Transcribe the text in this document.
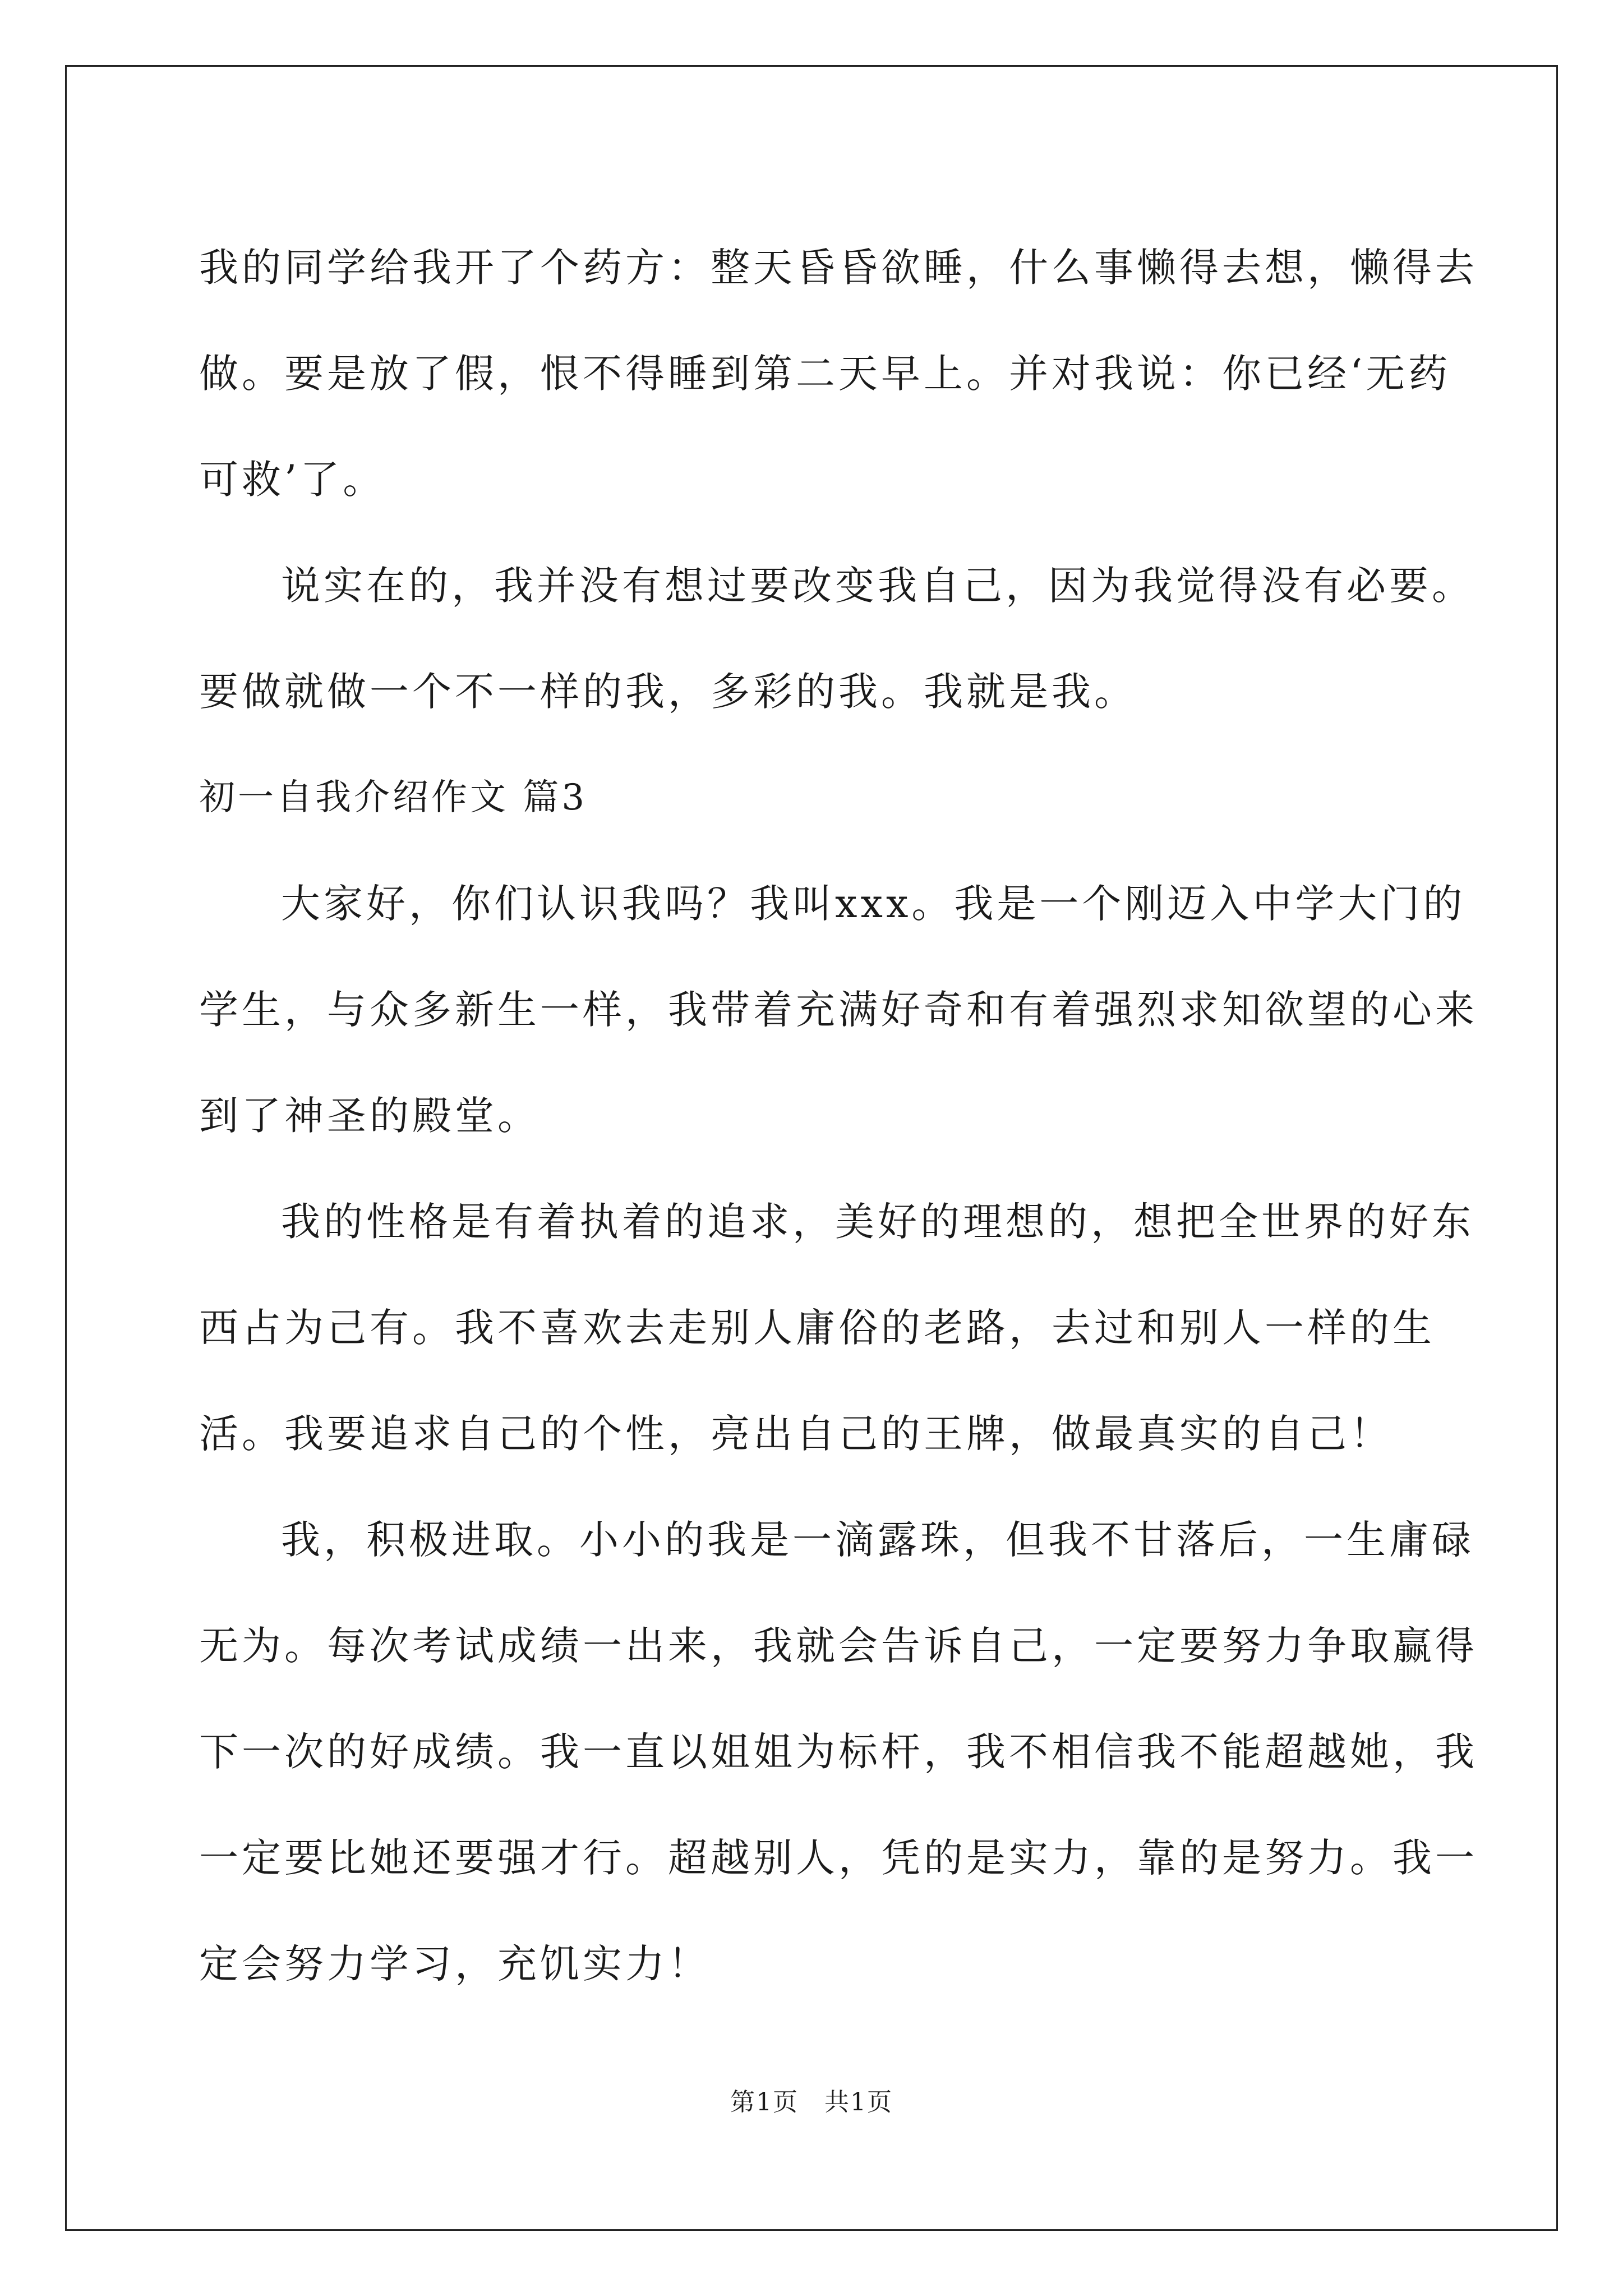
我的同学给我开了个药方：整天昏昏欲睡，什么事懒得去想，懒得去做。要是放了假，恨不得睡到第二天早上。并对我说：你已经‘无药可救’了。

说实在的，我并没有想过要改变我自己，因为我觉得没有必要。要做就做一个不一样的我，多彩的我。我就是我。

初一自我介绍作文 篇3

大家好，你们认识我吗？我叫xxx。我是一个刚迈入中学大门的学生，与众多新生一样，我带着充满好奇和有着强烈求知欲望的心来到了神圣的殿堂。

我的性格是有着执着的追求，美好的理想的，想把全世界的好东西占为己有。我不喜欢去走别人庸俗的老路，去过和别人一样的生活。我要追求自己的个性，亮出自己的王牌，做最真实的自己！

我，积极进取。小小的我是一滴露珠，但我不甘落后，一生庸碌无为。每次考试成绩一出来，我就会告诉自己，一定要努力争取赢得下一次的好成绩。我一直以姐姐为标杆，我不相信我不能超越她，我一定要比她还要强才行。超越别人，凭的是实力，靠的是努力。我一定会努力学习，充饥实力！

第1页　共1页
